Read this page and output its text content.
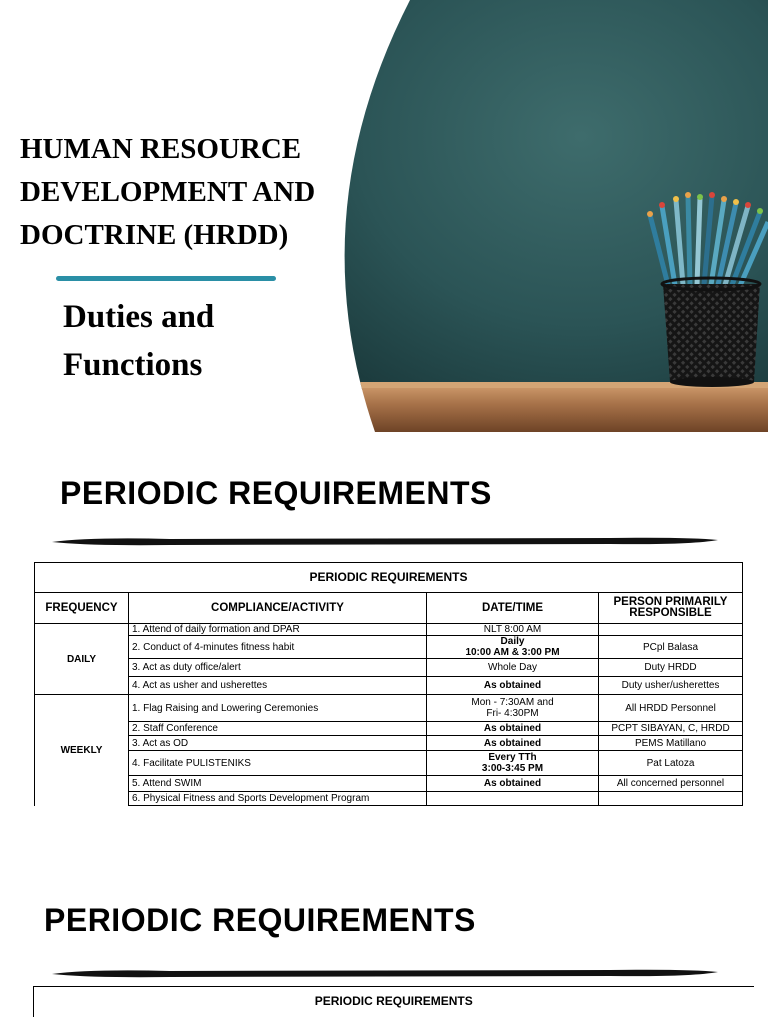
HUMAN RESOURCE
DEVELOPMENT AND
DOCTRINE (HRDD)
Duties and
Functions
PERIODIC REQUIREMENTS
PERIODIC REQUIREMENTS			
FREQUENCY	COMPLIANCE/ACTIVITY	DATE/TIME	PERSON PRIMARILY
RESPONSIBLE
DAILY	1. Attend of daily formation and DPAR	NLT 8:00 AM	
	2. Conduct of 4-minutes fitness habit	Daily
10:00 AM & 3:00 PM	PCpl Balasa
	3. Act as duty office/alert	Whole Day	Duty HRDD
	4. Act as usher and usherettes	As obtained	Duty usher/usherettes
WEEKLY	1. Flag Raising and Lowering Ceremonies	Mon - 7:30AM and
Fri- 4:30PM	All HRDD Personnel
	2. Staff Conference	As obtained	PCPT SIBAYAN, C, HRDD
	3. Act as OD	As obtained	PEMS Matillano
	4. Facilitate PULISTENIKS	Every TTh
3:00-3:45 PM	Pat Latoza
	5. Attend SWIM	As obtained	All concerned personnel
	6. Physical Fitness and Sports Development Program		
PERIODIC REQUIREMENTS
PERIODIC REQUIREMENTS
